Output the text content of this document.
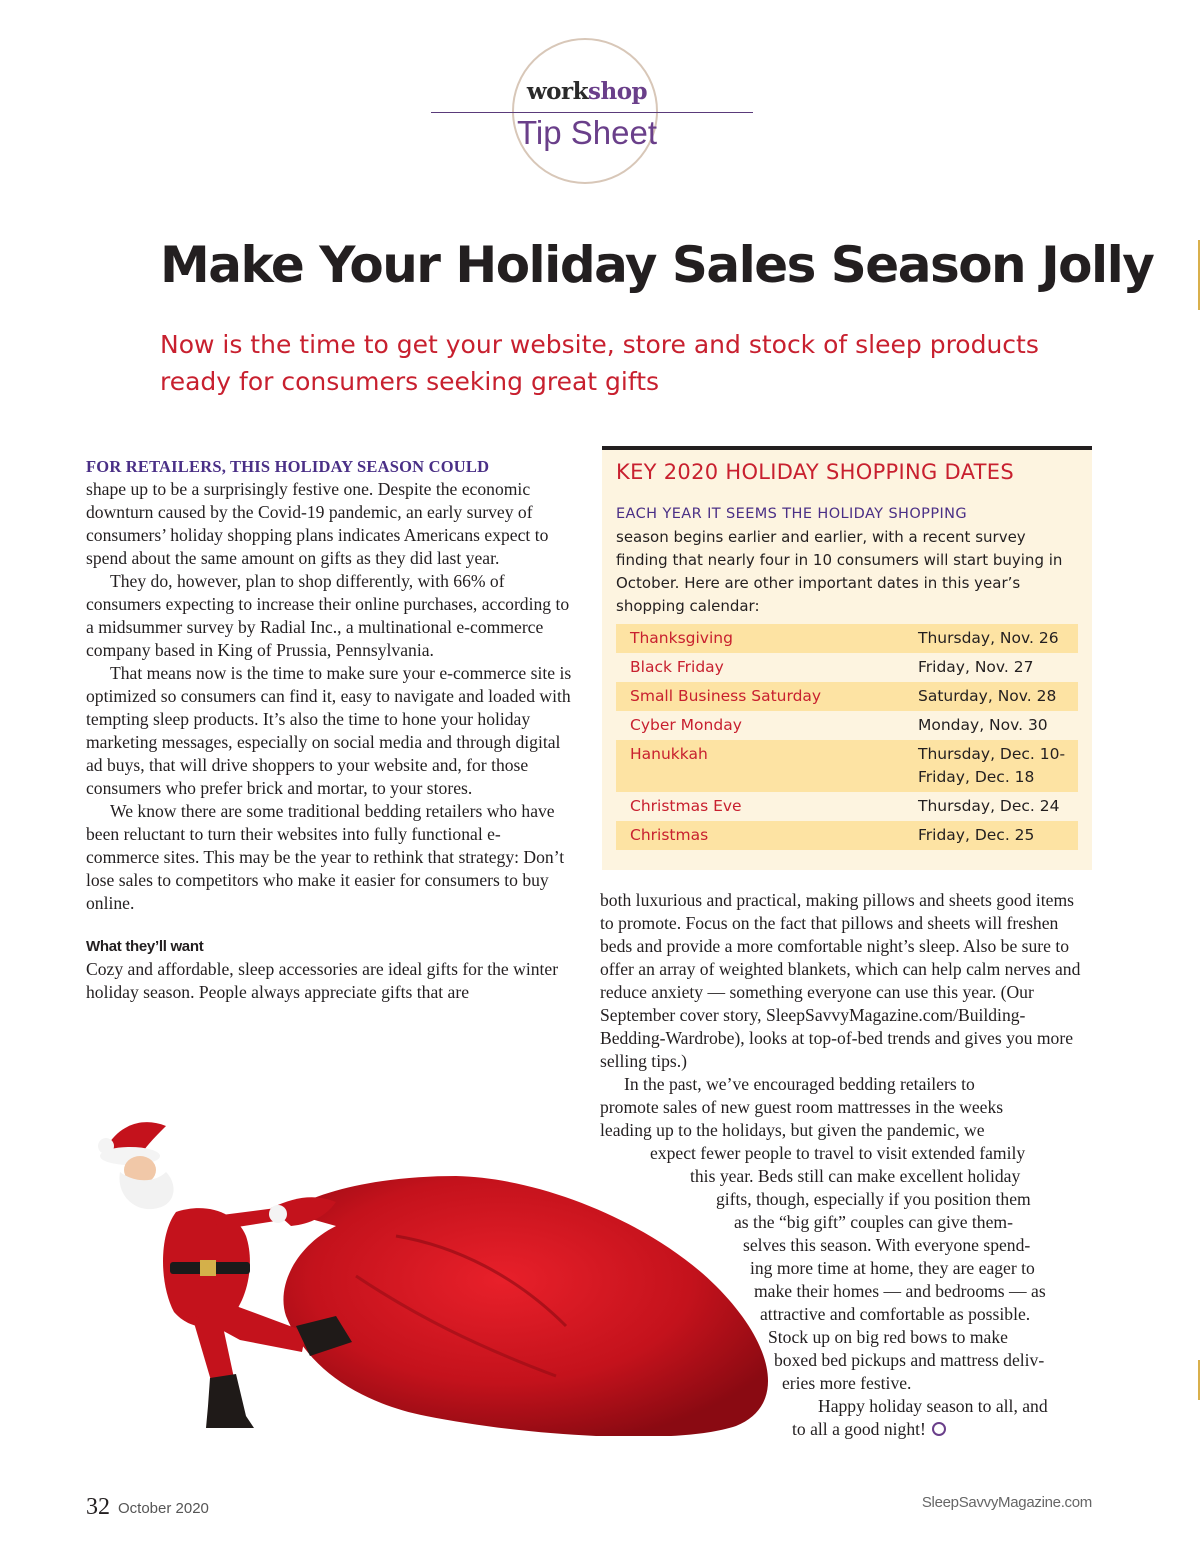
workshop
Tip Sheet
Make Your Holiday Sales Season Jolly
Now is the time to get your website, store and stock of sleep products ready for consumers seeking great gifts

FOR RETAILERS, THIS HOLIDAY SEASON COULD
shape up to be a surprisingly festive one. Despite the economic downturn caused by the Covid-19 pandemic, an early survey of consumers’ holiday shopping plans indicates Americans expect to spend about the same amount on gifts as they did last year.

They do, however, plan to shop differently, with 66% of consumers expecting to increase their online purchases, according to a midsummer survey by Radial Inc., a multinational e-commerce company based in King of Prussia, Pennsylvania.

That means now is the time to make sure your e-commerce site is optimized so consumers can find it, easy to navigate and loaded with tempting sleep products. It’s also the time to hone your holiday marketing messages, especially on social media and through digital ad buys, that will drive shoppers to your website and, for those consumers who prefer brick and mortar, to your stores.

We know there are some traditional bedding retailers who have been reluctant to turn their websites into fully functional e-commerce sites. This may be the year to rethink that strategy: Don’t lose sales to competitors who make it easier for consumers to buy online.

What they’ll want

Cozy and affordable, sleep accessories are ideal gifts for the winter holiday season. People always appreciate gifts that are

KEY 2020 HOLIDAY SHOPPING DATES
EACH YEAR IT SEEMS THE HOLIDAY SHOPPING
season begins earlier and earlier, with a recent survey finding that nearly four in 10 consumers will start buying in October. Here are other important dates in this year’s shopping calendar:
Thanksgiving	Thursday, Nov. 26
Black Friday	Friday, Nov. 27
Small Business Saturday	Saturday, Nov. 28
Cyber Monday	Monday, Nov. 30
Hanukkah	Thursday, Dec. 10-
Friday, Dec. 18
Christmas Eve	Thursday, Dec. 24
Christmas	Friday, Dec. 25

both luxurious and practical, making pillows and sheets good items to promote. Focus on the fact that pillows and sheets will freshen beds and provide a more comfortable night’s sleep. Also be sure to offer an array of weighted blankets, which can help calm nerves and reduce anxiety — something everyone can use this year. (Our September cover story, SleepSavvyMagazine.com/Building-Bedding-Wardrobe), looks at top-of-bed trends and gives you more selling tips.)

In the past, we’ve encouraged bedding retailers to
promote sales of new guest room mattresses in the weeks
leading up to the holidays, but given the pandemic, we
expect fewer people to travel to visit extended family
this year. Beds still can make excellent holiday
gifts, though, especially if you position them
as the “big gift” couples can give them-
selves this season. With everyone spend-
ing more time at home, they are eager to
make their homes — and bedrooms — as
attractive and comfortable as possible.
Stock up on big red bows to make
boxed bed pickups and mattress deliv-
eries more festive.
Happy holiday season to all, and
to all a good night!
32 October 2020	SleepSavvyMagazine.com
